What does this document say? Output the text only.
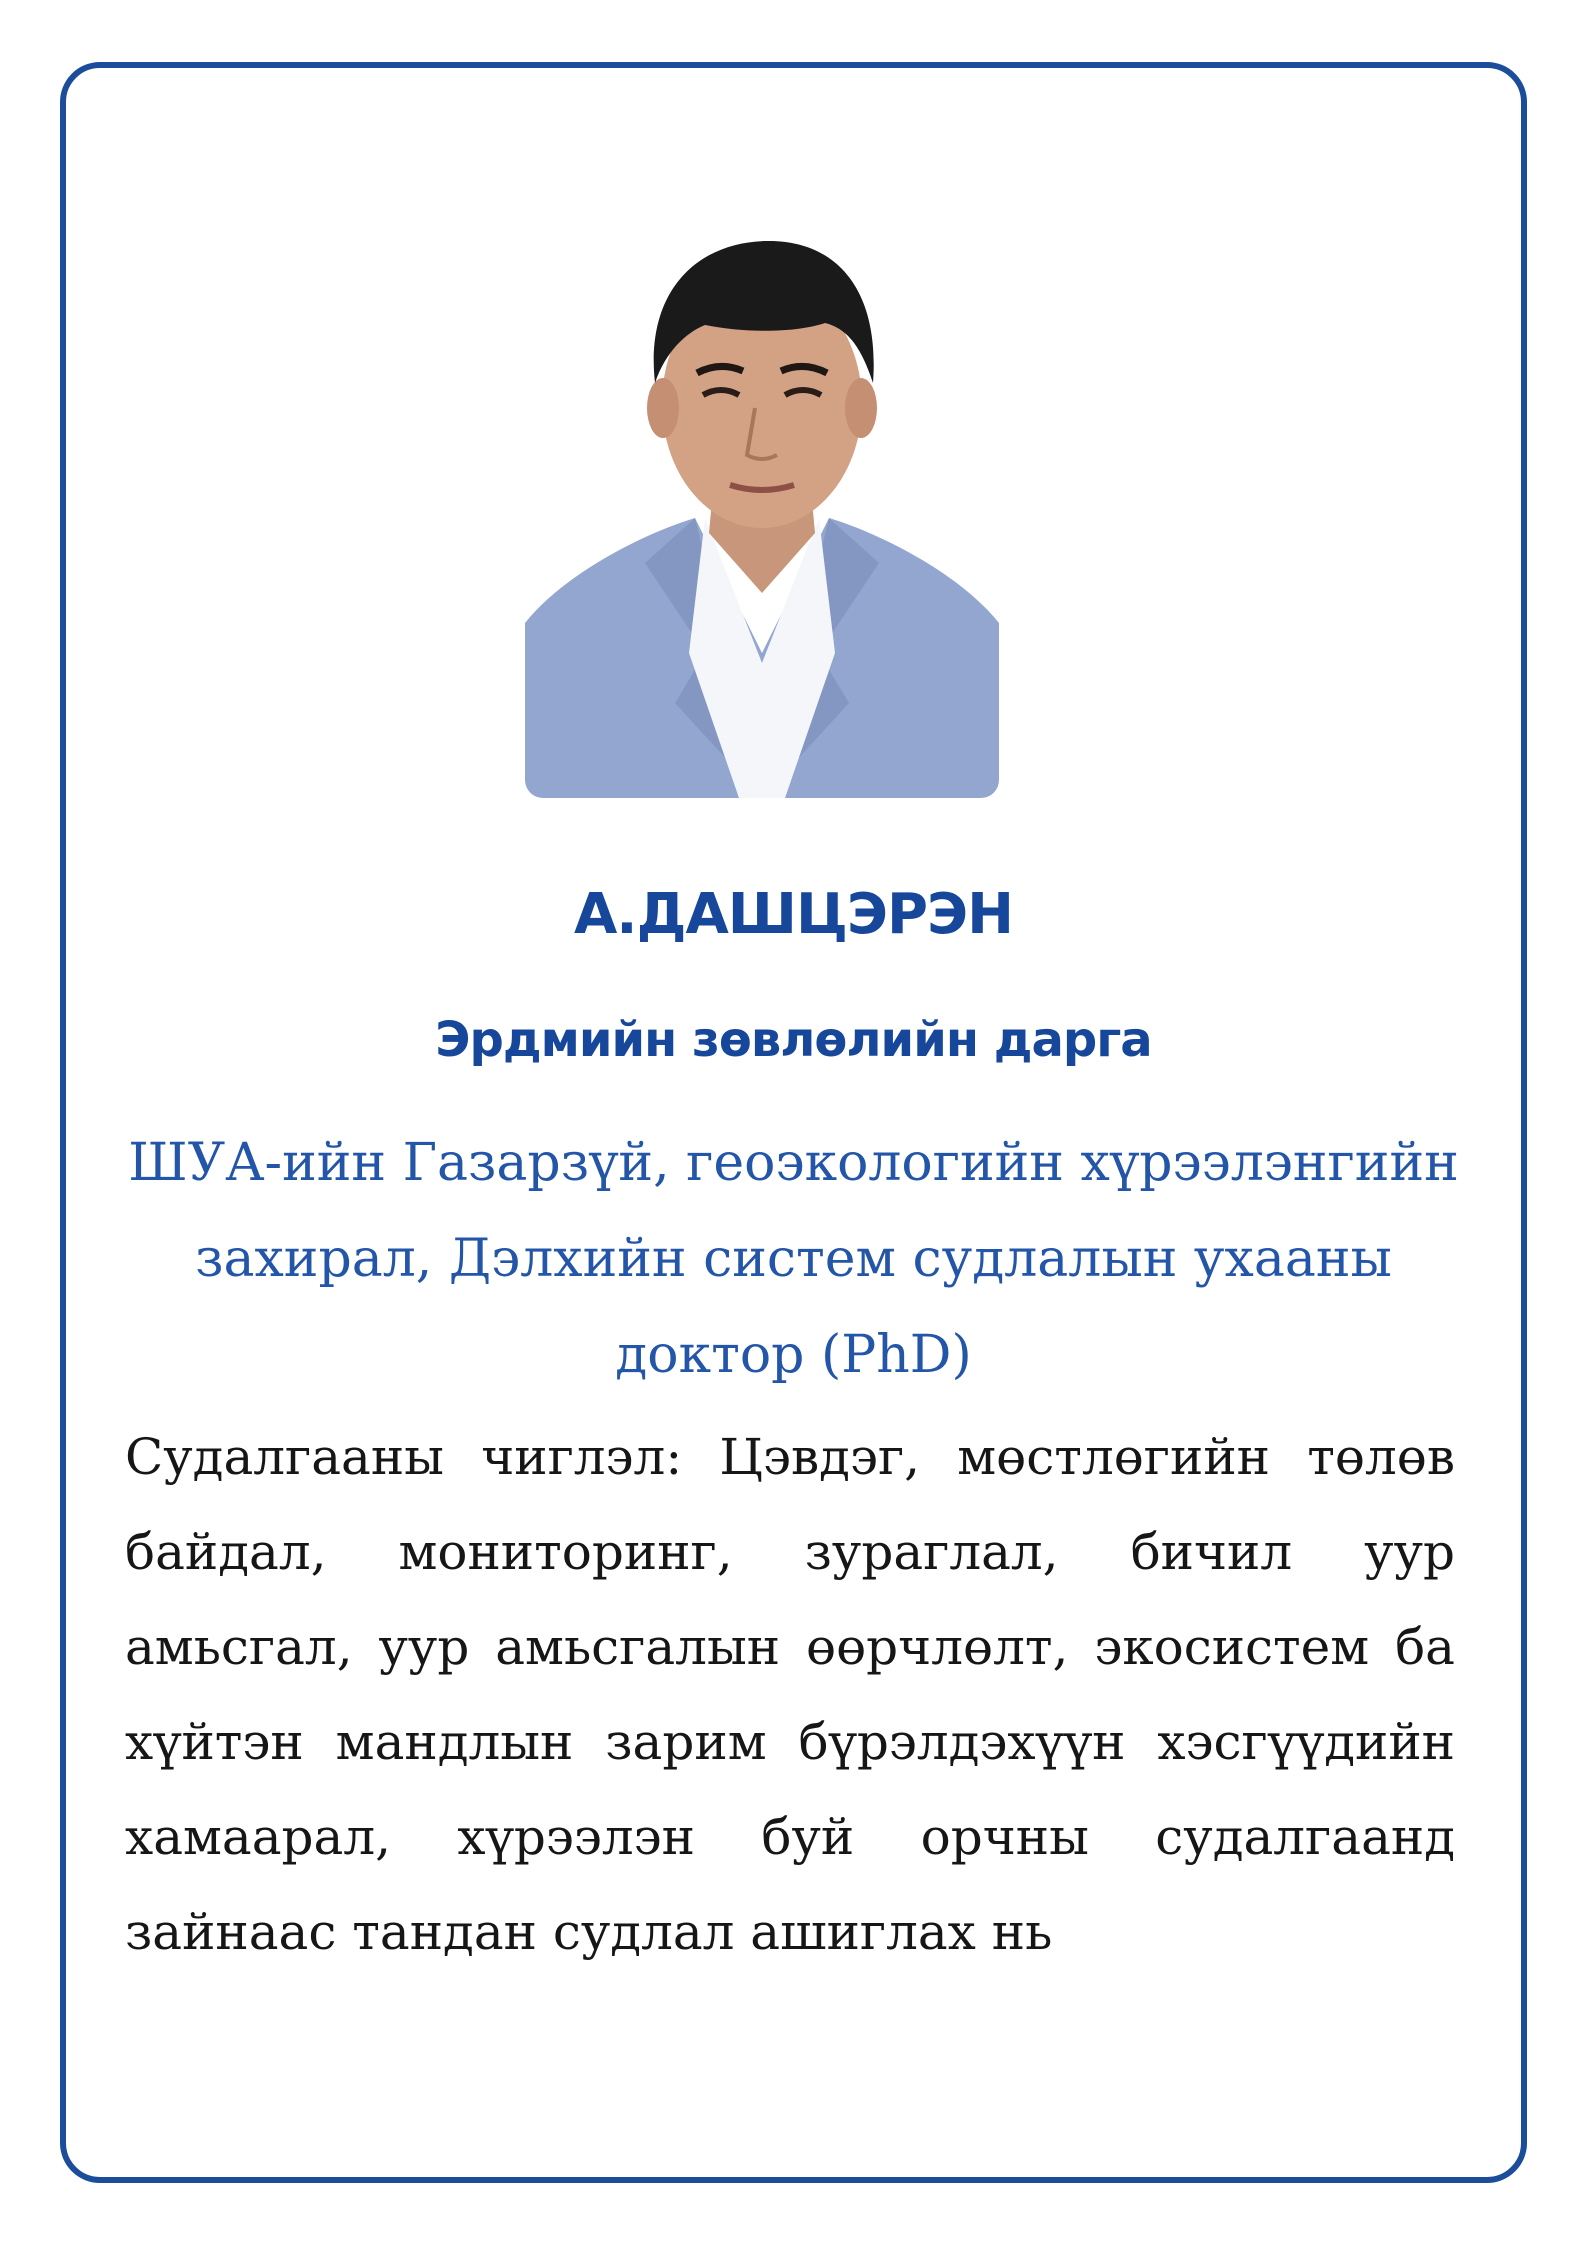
А.ДАШЦЭРЭН
Эрдмийн зөвлөлийн дарга

ШУА-ийн Газарзүй, геоэкологийн хүрээлэнгийн захирал, Дэлхийн систем судлалын ухааны доктор (PhD)

Судалгааны чиглэл: Цэвдэг, мөстлөгийн төлөв байдал, мониторинг, зураглал, бичил уур амьсгал, уур амьсгалын өөрчлөлт, экосистем ба хүйтэн мандлын зарим бүрэлдэхүүн хэсгүүдийн хамаарал, хүрээлэн буй орчны судалгаанд зайнаас тандан судлал ашиглах нь
